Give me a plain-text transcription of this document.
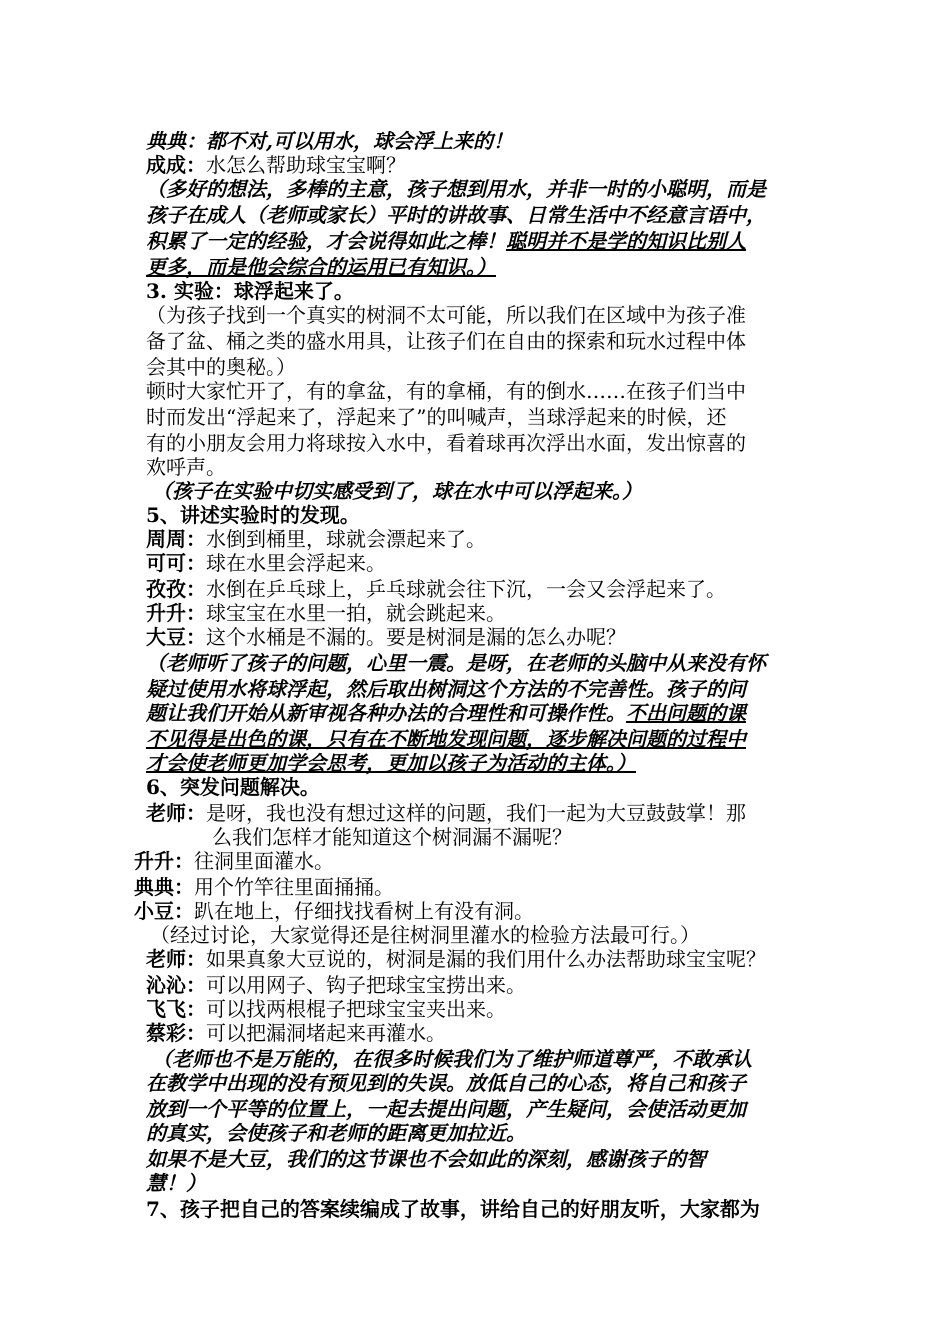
典典：都不对,可以用水，球会浮上来的！
成成：水怎么帮助球宝宝啊？
（多好的想法，多棒的主意，孩子想到用水，并非一时的小聪明，而是
孩子在成人（老师或家长）平时的讲故事、日常生活中不经意言语中，
积累了一定的经验，才会说得如此之棒！聪明并不是学的知识比别人
更多，而是他会综合的运用已有知识。）
3. 实验：球浮起来了。
（为孩子找到一个真实的树洞不太可能，所以我们在区域中为孩子准
备了盆、桶之类的盛水用具，让孩子们在自由的探索和玩水过程中体
会其中的奥秘。）
顿时大家忙开了，有的拿盆，有的拿桶，有的倒水……在孩子们当中
时而发出“浮起来了，浮起来了”的叫喊声，当球浮起来的时候，还
有的小朋友会用力将球按入水中，看着球再次浮出水面，发出惊喜的
欢呼声。
（孩子在实验中切实感受到了，球在水中可以浮起来。）
5、讲述实验时的发现。
周周：水倒到桶里，球就会漂起来了。
可可：球在水里会浮起来。
孜孜：水倒在乒乓球上，乒乓球就会往下沉，一会又会浮起来了。
升升：球宝宝在水里一拍，就会跳起来。
大豆：这个水桶是不漏的。要是树洞是漏的怎么办呢？
（老师听了孩子的问题，心里一震。是呀，在老师的头脑中从来没有怀
疑过使用水将球浮起，然后取出树洞这个方法的不完善性。孩子的问
题让我们开始从新审视各种办法的合理性和可操作性。不出问题的课
不见得是出色的课，只有在不断地发现问题，逐步解决问题的过程中
才会使老师更加学会思考，更加以孩子为活动的主体。）
6、突发问题解决。
老师：是呀，我也没有想过这样的问题，我们一起为大豆鼓鼓掌！那
么我们怎样才能知道这个树洞漏不漏呢？
升升：往洞里面灌水。
典典：用个竹竿往里面捅捅。
小豆：趴在地上，仔细找找看树上有没有洞。
（经过讨论，大家觉得还是往树洞里灌水的检验方法最可行。）
老师：如果真象大豆说的，树洞是漏的我们用什么办法帮助球宝宝呢？
沁沁：可以用网子、钩子把球宝宝捞出来。
飞飞：可以找两根棍子把球宝宝夹出来。
蔡彩：可以把漏洞堵起来再灌水。
（老师也不是万能的，在很多时候我们为了维护师道尊严，不敢承认
在教学中出现的没有预见到的失误。放低自己的心态，将自己和孩子
放到一个平等的位置上，一起去提出问题，产生疑问，会使活动更加
的真实，会使孩子和老师的距离更加拉近。
如果不是大豆，我们的这节课也不会如此的深刻，感谢孩子的智
慧！）
7、孩子把自己的答案续编成了故事，讲给自己的好朋友听，大家都为
